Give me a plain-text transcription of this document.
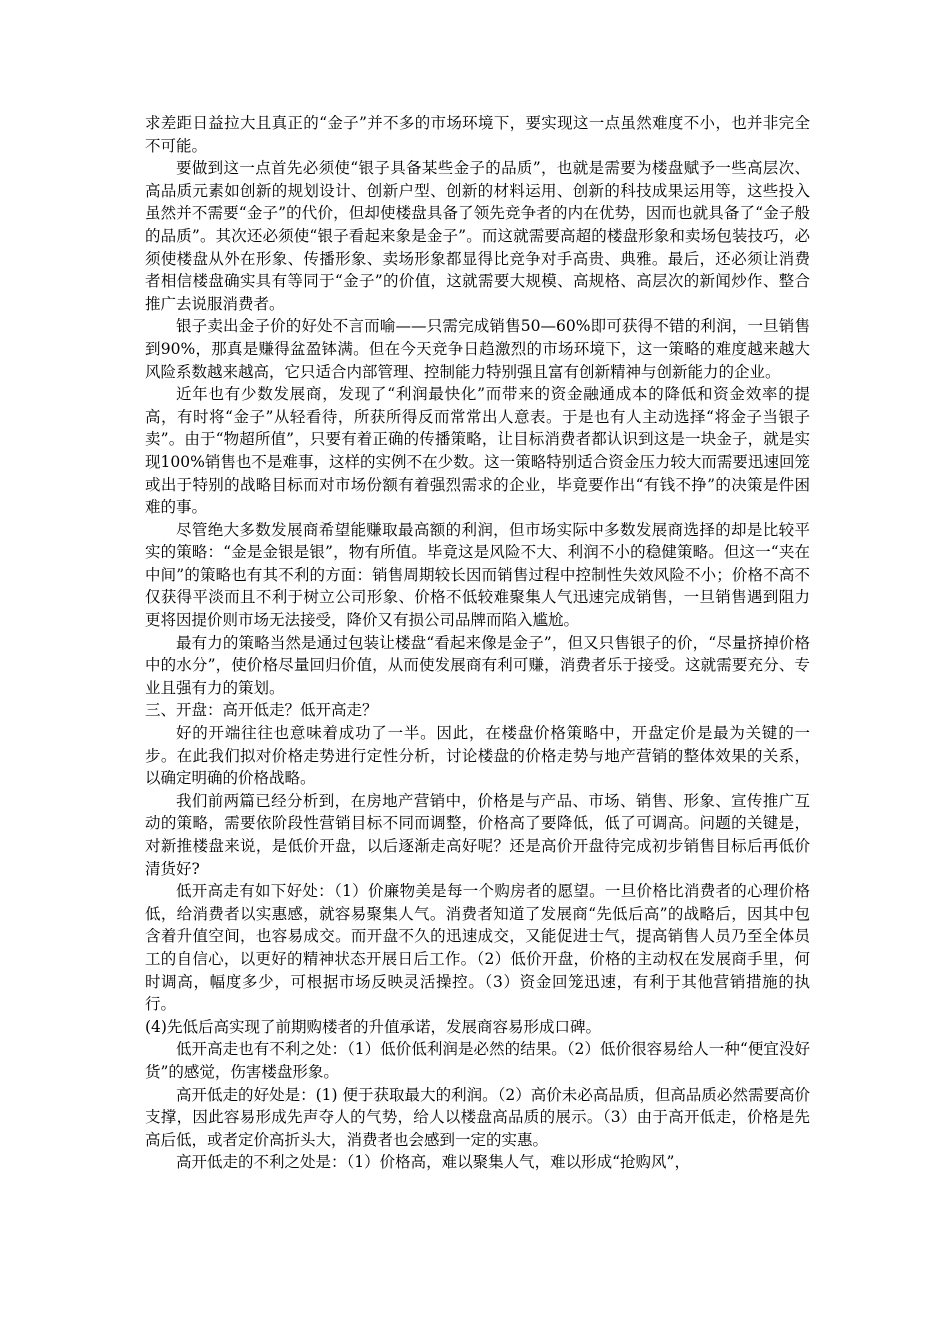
求差距日益拉大且真正的“金子”并不多的市场环境下，要实现这一点虽然难度不小，也并非完全不可能。

要做到这一点首先必须使“银子具备某些金子的品质”，也就是需要为楼盘赋予一些高层次、高品质元素如创新的规划设计、创新户型、创新的材料运用、创新的科技成果运用等，这些投入虽然并不需要“金子”的代价，但却使楼盘具备了领先竞争者的内在优势，因而也就具备了“金子般的品质”。其次还必须使“银子看起来象是金子”。而这就需要高超的楼盘形象和卖场包装技巧，必须使楼盘从外在形象、传播形象、卖场形象都显得比竞争对手高贵、典雅。最后，还必须让消费者相信楼盘确实具有等同于“金子”的价值，这就需要大规模、高规格、高层次的新闻炒作、整合推广去说服消费者。

银子卖出金子价的好处不言而喻——只需完成销售50—60%即可获得不错的利润，一旦销售到90%，那真是赚得盆盈钵满。但在今天竞争日趋激烈的市场环境下，这一策略的难度越来越大风险系数越来越高，它只适合内部管理、控制能力特别强且富有创新精神与创新能力的企业。

近年也有少数发展商，发现了“利润最快化”而带来的资金融通成本的降低和资金效率的提高，有时将“金子”从轻看待，所获所得反而常常出人意表。于是也有人主动选择“将金子当银子卖”。由于“物超所值”，只要有着正确的传播策略，让目标消费者都认识到这是一块金子，就是实现100%销售也不是难事，这样的实例不在少数。这一策略特别适合资金压力较大而需要迅速回笼或出于特别的战略目标而对市场份额有着强烈需求的企业，毕竟要作出“有钱不挣”的决策是件困难的事。

尽管绝大多数发展商希望能赚取最高额的利润，但市场实际中多数发展商选择的却是比较平实的策略：“金是金银是银”，物有所值。毕竟这是风险不大、利润不小的稳健策略。但这一“夹在中间”的策略也有其不利的方面：销售周期较长因而销售过程中控制性失效风险不小；价格不高不仅获得平淡而且不利于树立公司形象、价格不低较难聚集人气迅速完成销售，一旦销售遇到阻力更将因提价则市场无法接受，降价又有损公司品牌而陷入尴尬。

最有力的策略当然是通过包装让楼盘“看起来像是金子”，但又只售银子的价，“尽量挤掉价格中的水分”，使价格尽量回归价值，从而使发展商有利可赚，消费者乐于接受。这就需要充分、专业且强有力的策划。

三、开盘：高开低走？低开高走？

好的开端往往也意味着成功了一半。因此，在楼盘价格策略中，开盘定价是最为关键的一步。在此我们拟对价格走势进行定性分析，讨论楼盘的价格走势与地产营销的整体效果的关系，以确定明确的价格战略。

我们前两篇已经分析到，在房地产营销中，价格是与产品、市场、销售、形象、宣传推广互动的策略，需要依阶段性营销目标不同而调整，价格高了要降低，低了可调高。问题的关键是，对新推楼盘来说，是低价开盘，以后逐渐走高好呢？还是高价开盘待完成初步销售目标后再低价清货好?

低开高走有如下好处：（1）价廉物美是每一个购房者的愿望。一旦价格比消费者的心理价格低，给消费者以实惠感，就容易聚集人气。消费者知道了发展商“先低后高”的战略后，因其中包含着升值空间，也容易成交。而开盘不久的迅速成交，又能促进士气，提高销售人员乃至全体员工的自信心，以更好的精神状态开展日后工作。（2）低价开盘，价格的主动权在发展商手里，何时调高，幅度多少，可根据市场反映灵活操控。（3）资金回笼迅速，有利于其他营销措施的执行。

(4)先低后高实现了前期购楼者的升值承诺，发展商容易形成口碑。

低开高走也有不利之处：（1）低价低利润是必然的结果。（2）低价很容易给人一种“便宜没好货”的感觉，伤害楼盘形象。

高开低走的好处是：(1) 便于获取最大的利润。（2）高价未必高品质，但高品质必然需要高价支撑，因此容易形成先声夺人的气势，给人以楼盘高品质的展示。（3）由于高开低走，价格是先高后低，或者定价高折头大，消费者也会感到一定的实惠。

高开低走的不利之处是：（1）价格高，难以聚集人气，难以形成“抢购风”，
